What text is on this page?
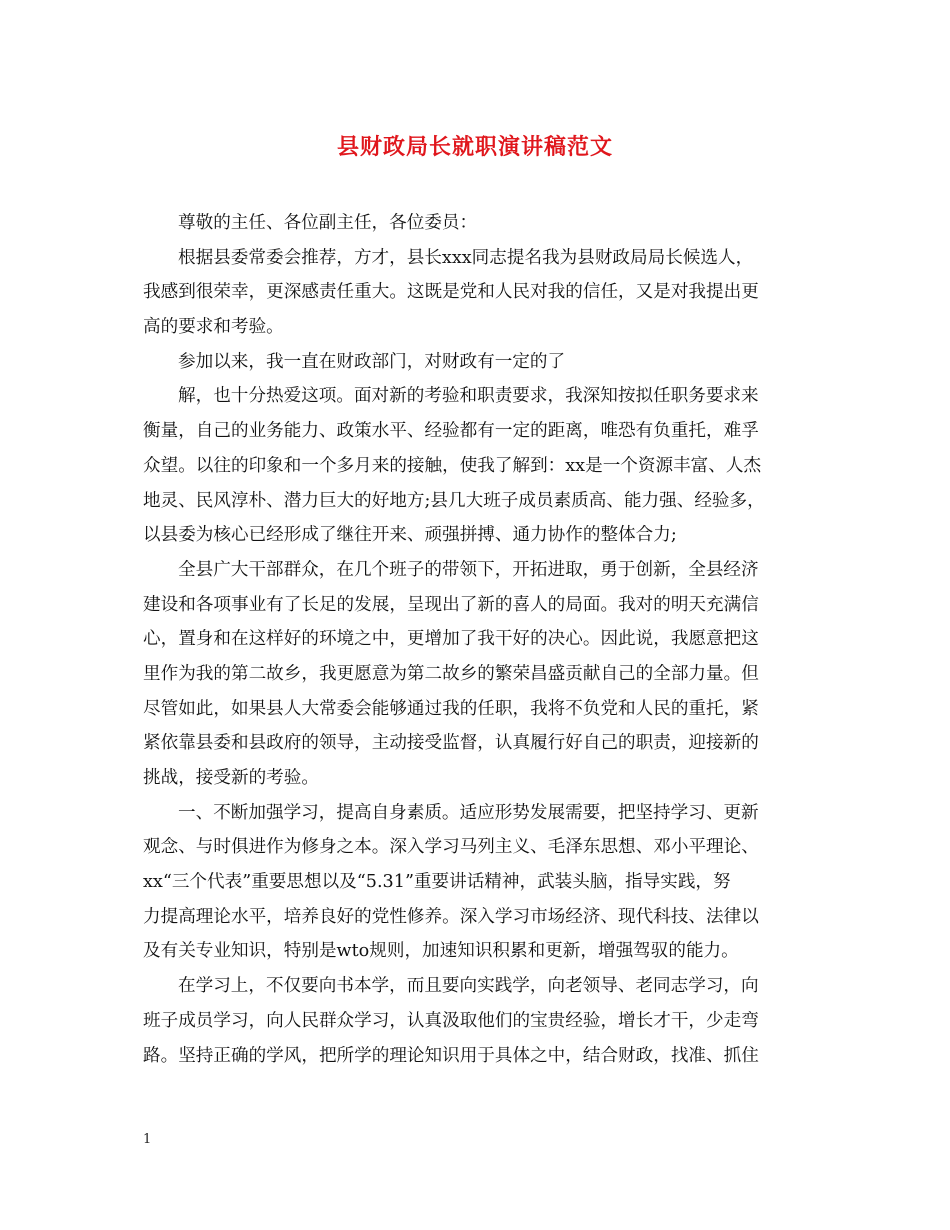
县财政局长就职演讲稿范文
尊敬的主任、各位副主任，各位委员：
根据县委常委会推荐，方才，县长xxx同志提名我为县财政局局长候选人，
我感到很荣幸，更深感责任重大。这既是党和人民对我的信任，又是对我提出更
高的要求和考验。
参加以来，我一直在财政部门，对财政有一定的了
解，也十分热爱这项。面对新的考验和职责要求，我深知按拟任职务要求来
衡量，自己的业务能力、政策水平、经验都有一定的距离，唯恐有负重托，难孚
众望。以往的印象和一个多月来的接触，使我了解到：xx是一个资源丰富、人杰
地灵、民风淳朴、潜力巨大的好地方;县几大班子成员素质高、能力强、经验多，
以县委为核心已经形成了继往开来、顽强拼搏、通力协作的整体合力;
全县广大干部群众，在几个班子的带领下，开拓进取，勇于创新，全县经济
建设和各项事业有了长足的发展，呈现出了新的喜人的局面。我对的明天充满信
心，置身和在这样好的环境之中，更增加了我干好的决心。因此说，我愿意把这
里作为我的第二故乡，我更愿意为第二故乡的繁荣昌盛贡献自己的全部力量。但
尽管如此，如果县人大常委会能够通过我的任职，我将不负党和人民的重托，紧
紧依靠县委和县政府的领导，主动接受监督，认真履行好自己的职责，迎接新的
挑战，接受新的考验。
一、不断加强学习，提高自身素质。适应形势发展需要，把坚持学习、更新
观念、与时俱进作为修身之本。深入学习马列主义、毛泽东思想、邓小平理论、
xx“三个代表”重要思想以及“5.31”重要讲话精神，武装头脑，指导实践，努
力提高理论水平，培养良好的党性修养。深入学习市场经济、现代科技、法律以
及有关专业知识，特别是wto规则，加速知识积累和更新，增强驾驭的能力。
在学习上，不仅要向书本学，而且要向实践学，向老领导、老同志学习，向
班子成员学习，向人民群众学习，认真汲取他们的宝贵经验，增长才干，少走弯
路。坚持正确的学风，把所学的理论知识用于具体之中，结合财政，找准、抓住
1
